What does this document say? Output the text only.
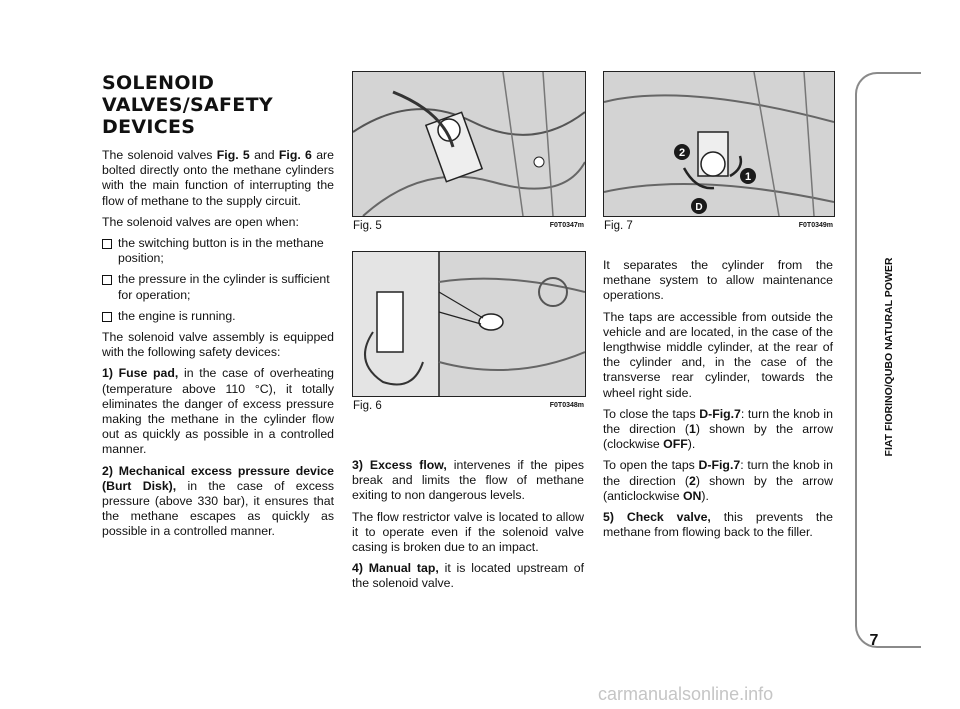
SOLENOID
VALVES/SAFETY
DEVICES

The solenoid valves Fig. 5 and Fig. 6 are bolted directly onto the methane cylinders with the main function of interrupting the flow of methane to the supply circuit.

The solenoid valves are open when:

the switching button is in the methane position;
the pressure in the cylinder is sufficient for operation;
the engine is running.

The solenoid valve assembly is equipped with the following safety devices:

1) Fuse pad, in the case of overheating (temperature above 110 °C), it totally eliminates the danger of excess pressure making the methane in the cylinder flow out as quickly as possible in a controlled manner.

2) Mechanical excess pressure device (Burt Disk), in the case of excess pressure (above 330 bar), it ensures that the methane escapes as quickly as possible in a controlled manner.

Fig. 5	F0T0347m
Fig. 6	F0T0348m

3) Excess flow, intervenes if the pipes break and limits the flow of methane exiting to non dangerous levels.

The flow restrictor valve is located to allow it to operate even if the solenoid valve casing is broken due to an impact.

4) Manual tap, it is located upstream of the solenoid valve.

2
1
D
Fig. 7	F0T0349m

It separates the cylinder from the methane system to allow maintenance operations.

The taps are accessible from outside the vehicle and are located, in the case of the lengthwise middle cylinder, at the rear of the cylinder and, in the case of the transverse rear cylinder, towards the wheel right side.

To close the taps D-Fig.7: turn the knob in the direction (1) shown by the arrow (clockwise OFF).

To open the taps D-Fig.7: turn the knob in the direction (2) shown by the arrow (anticlockwise ON).

5) Check valve, this prevents the methane from flowing back to the filler.

FIAT FIORINO/QUBO NATURAL POWER
7
carmanualsonline.info
